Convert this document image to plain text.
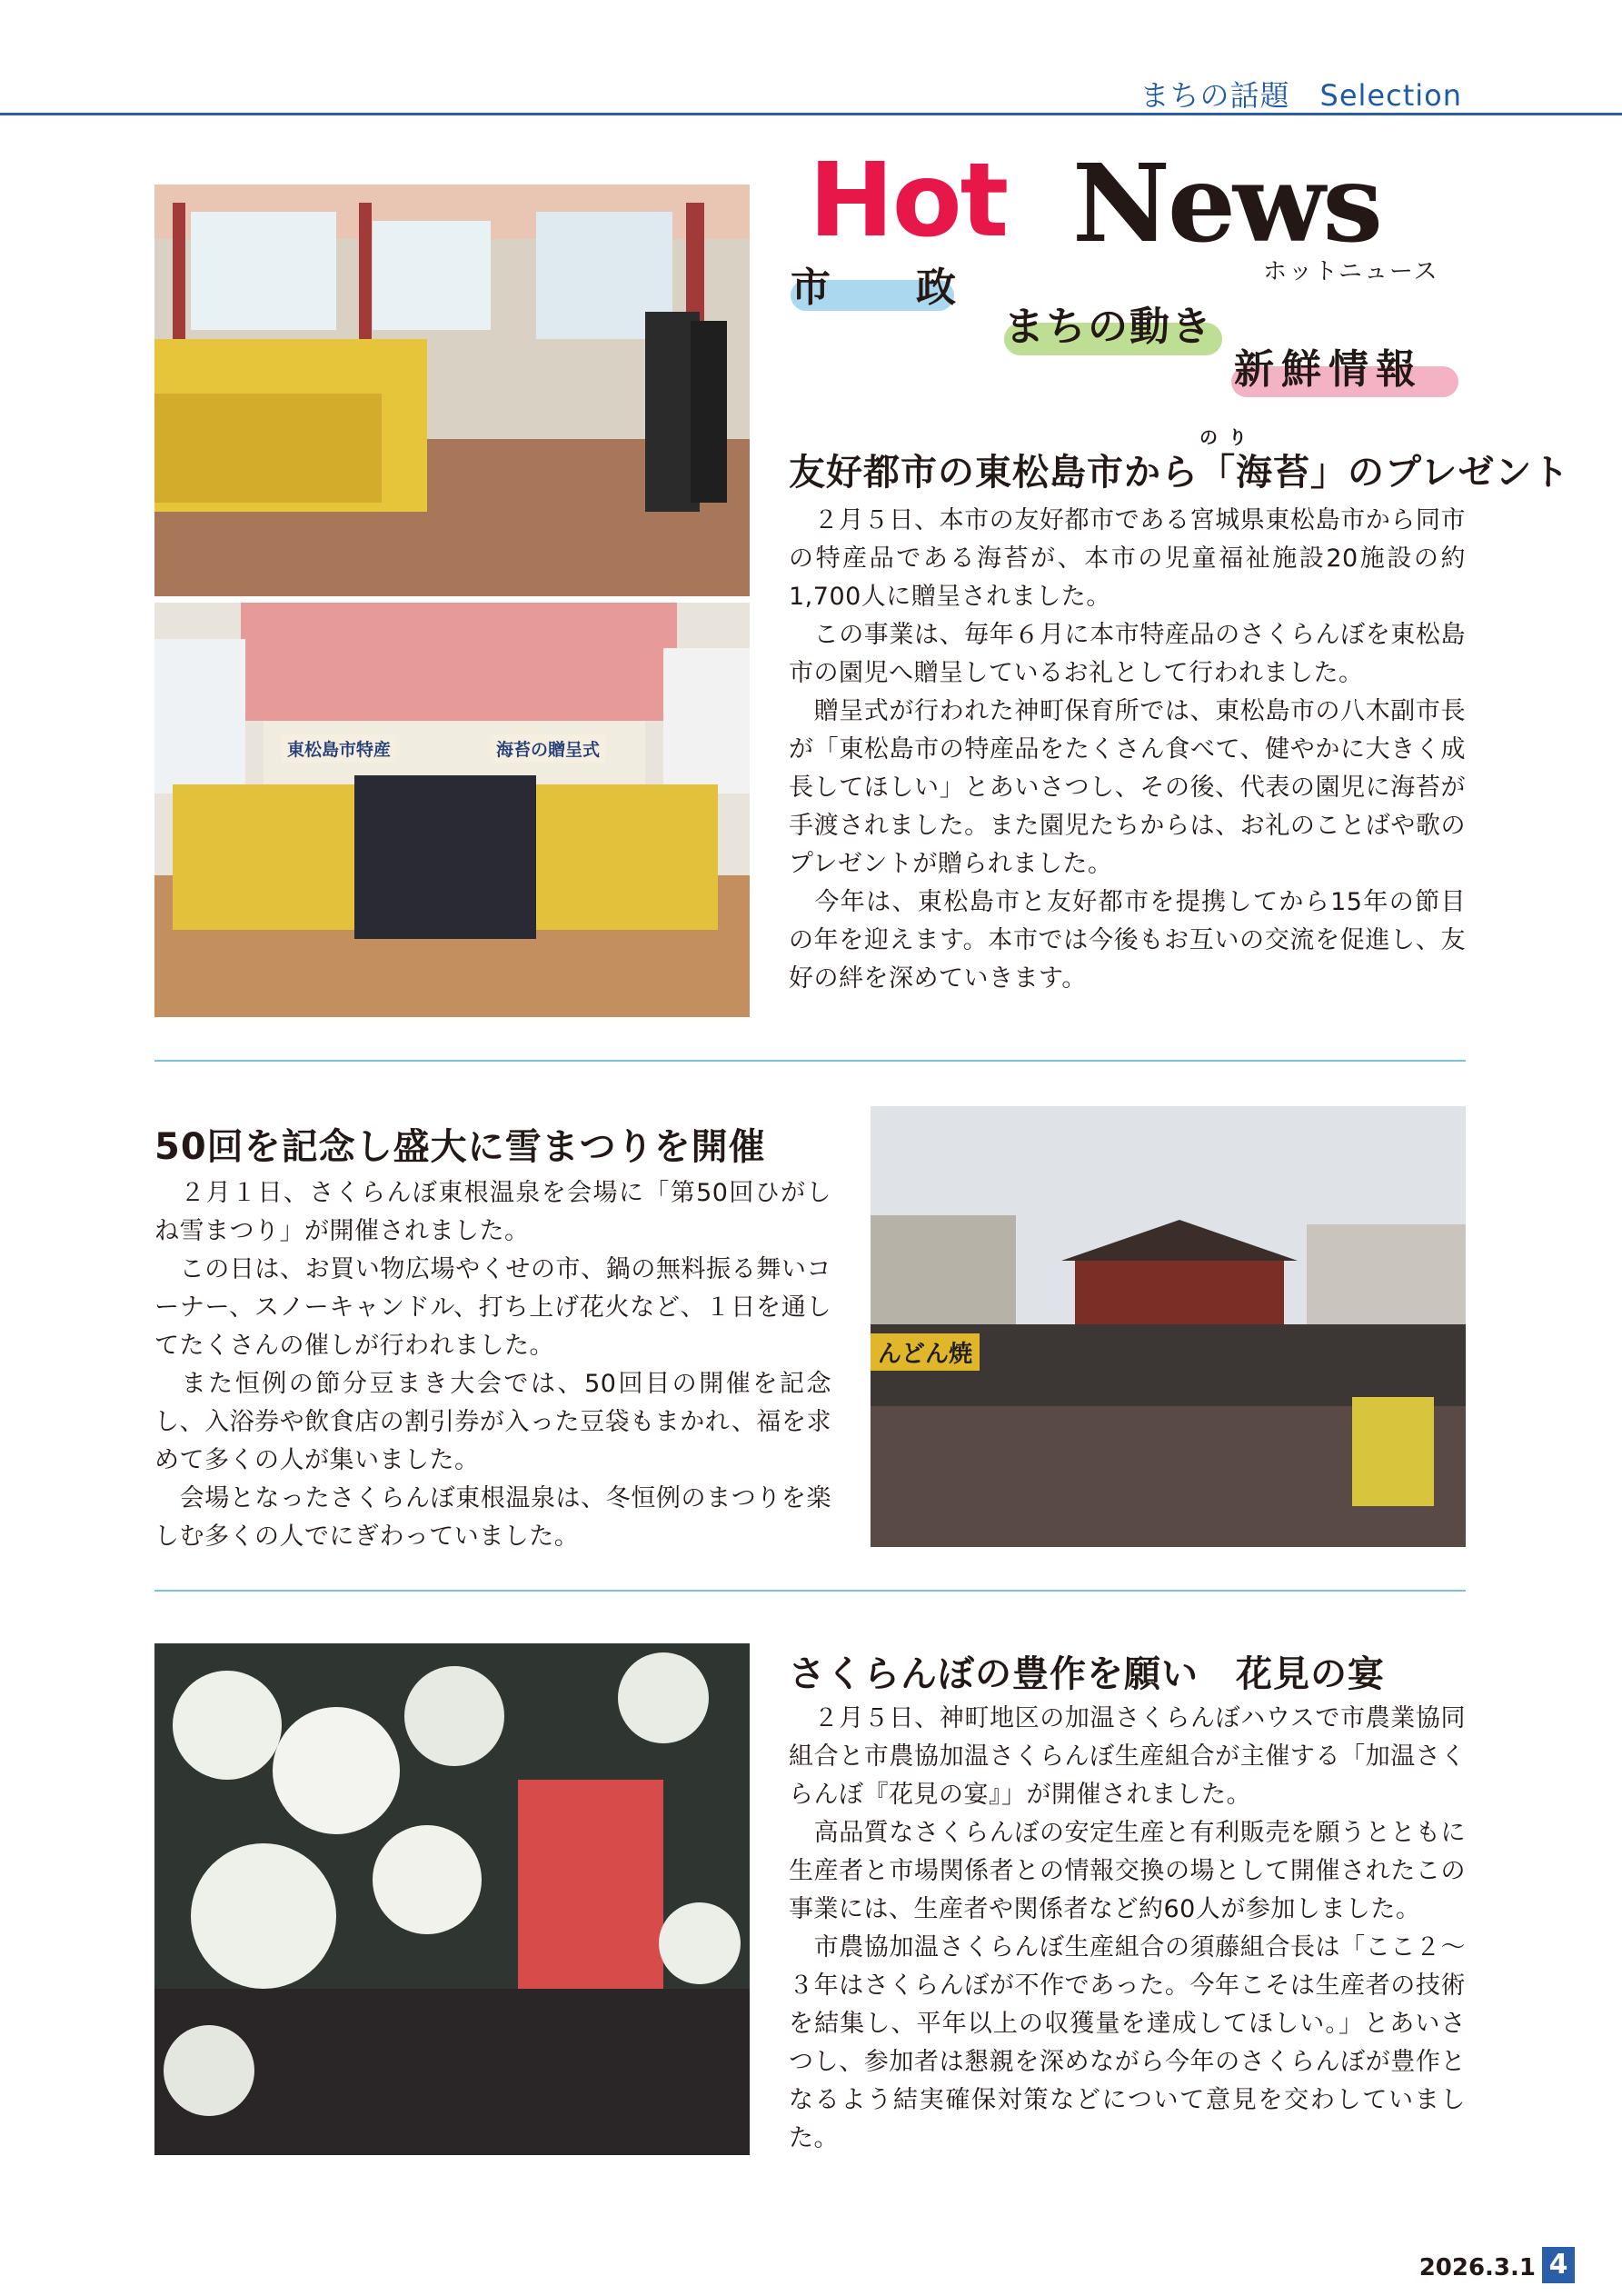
まちの話題　Selection
東松島市特産	海苔の贈呈式
Hot News
ホットニュース
市　　政
まちの動き
新鮮情報
のり
友好都市の東松島市から「海苔」のプレゼント
　２月５日、本市の友好都市である宮城県東松島市から同市の特産品である海苔が、本市の児童福祉施設20施設の約1,700人に贈呈されました。
　この事業は、毎年６月に本市特産品のさくらんぼを東松島市の園児へ贈呈しているお礼として行われました。
　贈呈式が行われた神町保育所では、東松島市の八木副市長が「東松島市の特産品をたくさん食べて、健やかに大きく成長してほしい」とあいさつし、その後、代表の園児に海苔が手渡されました。また園児たちからは、お礼のことばや歌のプレゼントが贈られました。
　今年は、東松島市と友好都市を提携してから15年の節目の年を迎えます。本市では今後もお互いの交流を促進し、友好の絆を深めていきます。
50回を記念し盛大に雪まつりを開催
　２月１日、さくらんぼ東根温泉を会場に「第50回ひがしね雪まつり」が開催されました。
　この日は、お買い物広場やくせの市、鍋の無料振る舞いコーナー、スノーキャンドル、打ち上げ花火など、１日を通してたくさんの催しが行われました。
　また恒例の節分豆まき大会では、50回目の開催を記念し、入浴券や飲食店の割引券が入った豆袋もまかれ、福を求めて多くの人が集いました。
　会場となったさくらんぼ東根温泉は、冬恒例のまつりを楽しむ多くの人でにぎわっていました。
んどん焼
さくらんぼの豊作を願い　花見の宴
　２月５日、神町地区の加温さくらんぼハウスで市農業協同組合と市農協加温さくらんぼ生産組合が主催する「加温さくらんぼ『花見の宴』」が開催されました。
　高品質なさくらんぼの安定生産と有利販売を願うとともに生産者と市場関係者との情報交換の場として開催されたこの事業には、生産者や関係者など約60人が参加しました。
　市農協加温さくらんぼ生産組合の須藤組合長は「ここ２～３年はさくらんぼが不作であった。今年こそは生産者の技術を結集し、平年以上の収獲量を達成してほしい。」とあいさつし、参加者は懇親を深めながら今年のさくらんぼが豊作となるよう結実確保対策などについて意見を交わしていました。
2026.3.1 4
